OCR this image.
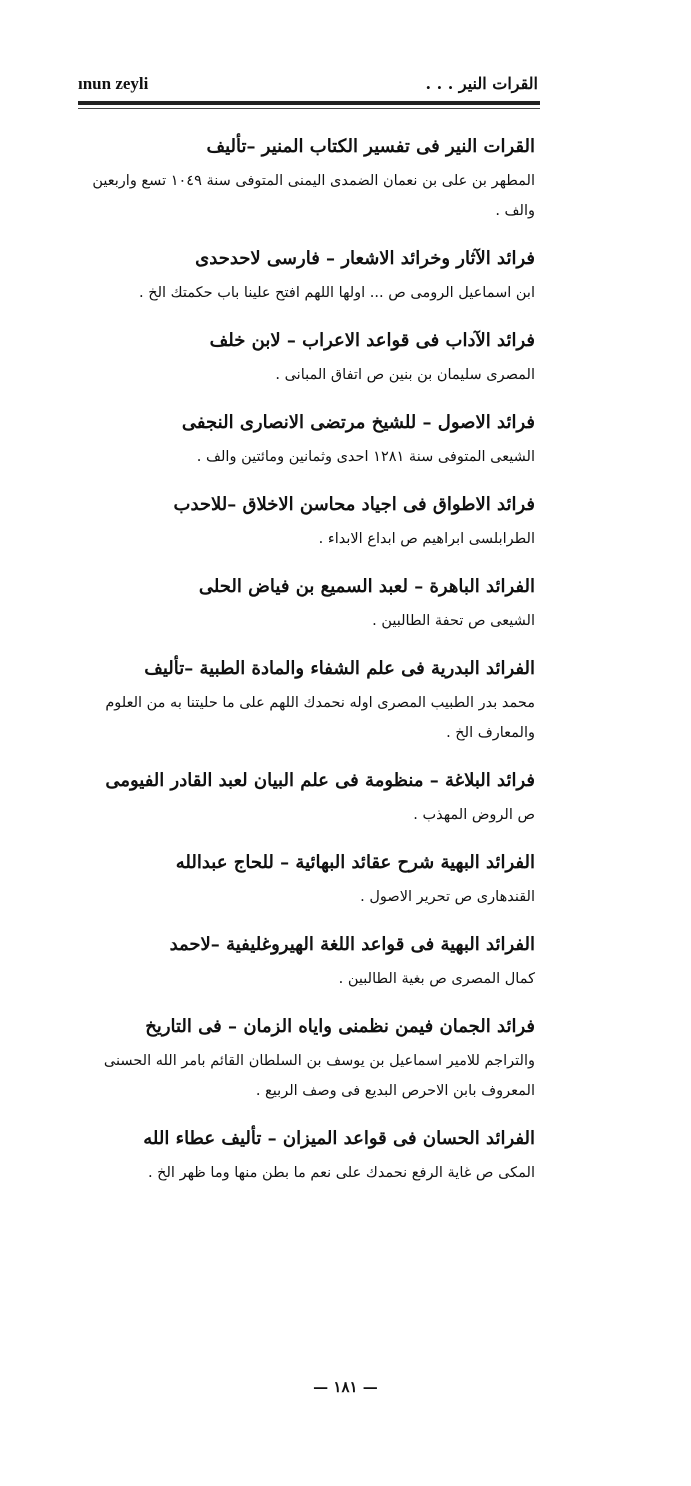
ınun zeyli	القرات النير . . .
القرات النير فى تفسير الكتاب المنير –تأليف
المطهر بن على بن نعمان الضمدى اليمنى المتوفى سنة ١٠٤٩ تسع واربعين والف .
فرائد الآثار وخرائد الاشعار – فارسى لاحدحدى
ابن اسماعيل الرومى ص ... اولها اللهم افتح علينا باب حكمتك الخ .
فرائد الآداب فى قواعد الاعراب – لابن خلف
المصرى سليمان بن بنين ص اتفاق المبانى .
فرائد الاصول – للشيخ مرتضى الانصارى النجفى
الشيعى المتوفى سنة ١٢٨١ احدى وثمانين ومائتين والف .
فرائد الاطواق فى اجياد محاسن الاخلاق –للاحدب
الطرابلسى ابراهيم ص ابداع الابداء .
الفرائد الباهرة – لعبد السميع بن فياض الحلى
الشيعى ص تحفة الطالبين .
الفرائد البدرية فى علم الشفاء والمادة الطبية –تأليف
محمد بدر الطبيب المصرى اوله نحمدك اللهم على ما حليتنا به من العلوم والمعارف الخ .
فرائد البلاغة – منظومة فى علم البيان لعبد القادر الفيومى
ص الروض المهذب .
الفرائد البهية شرح عقائد البهائية – للحاج عبدالله
القندهارى ص تحرير الاصول .
الفرائد البهية فى قواعد اللغة الهيروغليفية –لاحمد
كمال المصرى ص بغية الطالبين .
فرائد الجمان فيمن نظمنى واياه الزمان – فى التاريخ
والتراجم للامير اسماعيل بن يوسف بن السلطان القائم بامر الله الحسنى المعروف بابن الاحرص البديع فى وصف الربيع .
الفرائد الحسان فى قواعد الميزان – تأليف عطاء الله
المكى ص غاية الرفع نحمدك على نعم ما بطن منها وما ظهر الخ .
— ١٨١ —
